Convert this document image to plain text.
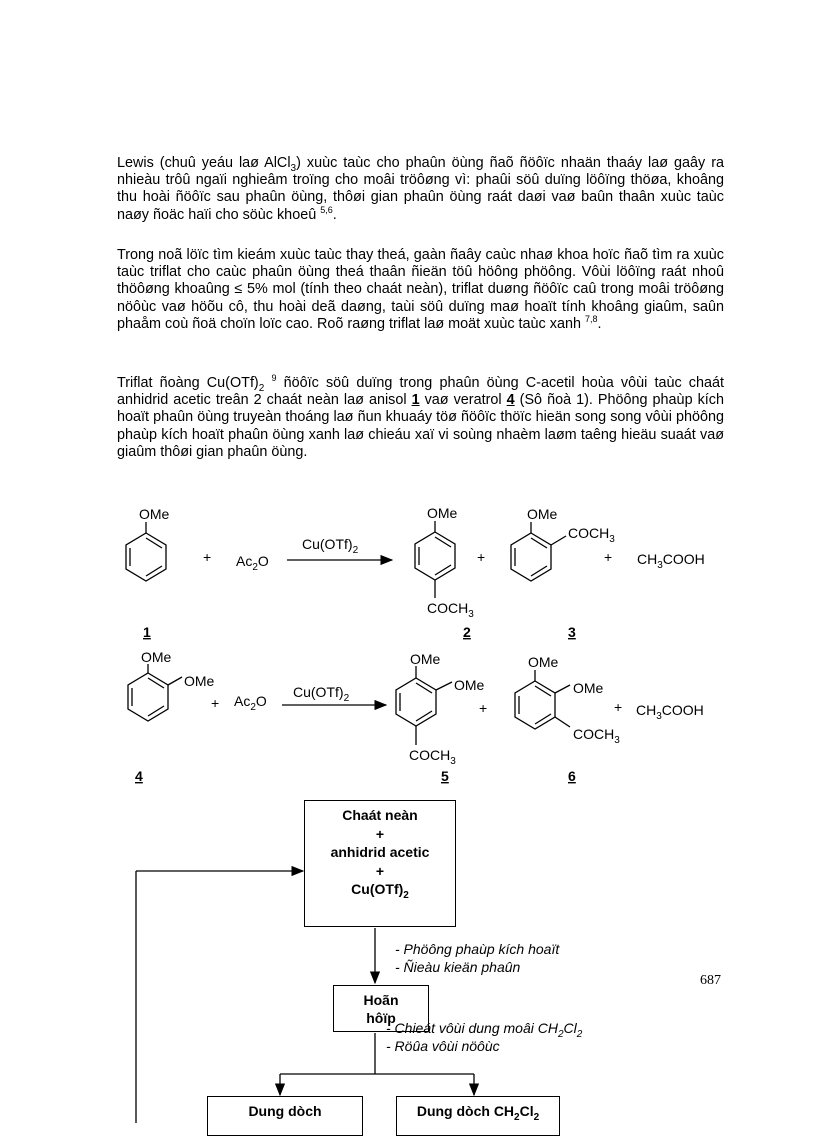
Lewis (chuû yeáu laø AlCl$_3$) xuùc taùc cho phaûn öùng ñaõ ñöôïc nhaän thaáy laø gaây ra nhieàu trôû ngaïi nghieâm troïng cho moâi tröôøng vì: phaûi söû duïng löôïng thöøa, khoâng thu hoài ñöôïc sau phaûn öùng, thôøi gian phaûn öùng raát daøi vaø baûn thaân xuùc taùc naøy ñoäc haïi cho söùc khoeû $^{5,6}$.

Trong noã löïc tìm kieám xuùc taùc thay theá, gaàn ñaây caùc nhaø khoa hoïc ñaõ tìm ra xuùc taùc triflat cho caùc phaûn öùng theá thaân ñieän töû höông phöông. Vôùi löôïng raát nhoû thöôøng khoaûng ≤ 5% mol (tính theo chaát neàn), triflat duøng ñöôïc caû trong moâi tröôøng nöôùc vaø höõu cô, thu hoài deã daøng, taùi söû duïng maø hoaït tính khoâng giaûm, saûn phaåm coù ñoä choïn loïc cao. Roõ raøng triflat laø moät xuùc taùc xanh $^{7,8}$.

Triflat ñoàng $Cu(OTf)_2$ $^9$ ñöôïc söû duïng trong phaûn öùng C-acetil hoùa vôùi taùc chaát anhidrid acetic treân 2 chaát neàn laø anisol 1 vaø veratrol 4 (Sô ñoà 1). Phöông phaùp kích hoaït phaûn öùng truyeàn thoáng laø ñun khuaáy töø ñöôïc thöïc hieän song song vôùi phöông phaùp kích hoaït phaûn öùng xanh laø chieáu xaï vi soùng nhaèm laøm taêng hieäu suaát vaø giaûm thôøi gian phaûn öùng.

OMe
+ $Ac_2O$
$Cu(OTf)_2$
OMe
$COCH_3$
+
OMe
$COCH_3$
+ $CH_3COOH$
1	2	3
OMe
OMe
+ $Ac_2O$
$Cu(OTf)_2$
OMe
OMe
+
$COCH_3$
OMe
OMe
$COCH_3$
+ $CH_3COOH$
4	5	6
Chaát neàn
+
anhidrid acetic
+
$Cu(OTf)_2$
- Phöông phaùp kích hoaït
- Ñieàu kieän phaûn
Hoãn
hôïp
- Chieát vôùi dung moâi $CH_2Cl_2$
- Röûa vôùi nöôùc
Dung dòch	Dung dòch $CH_2Cl_2$
687
